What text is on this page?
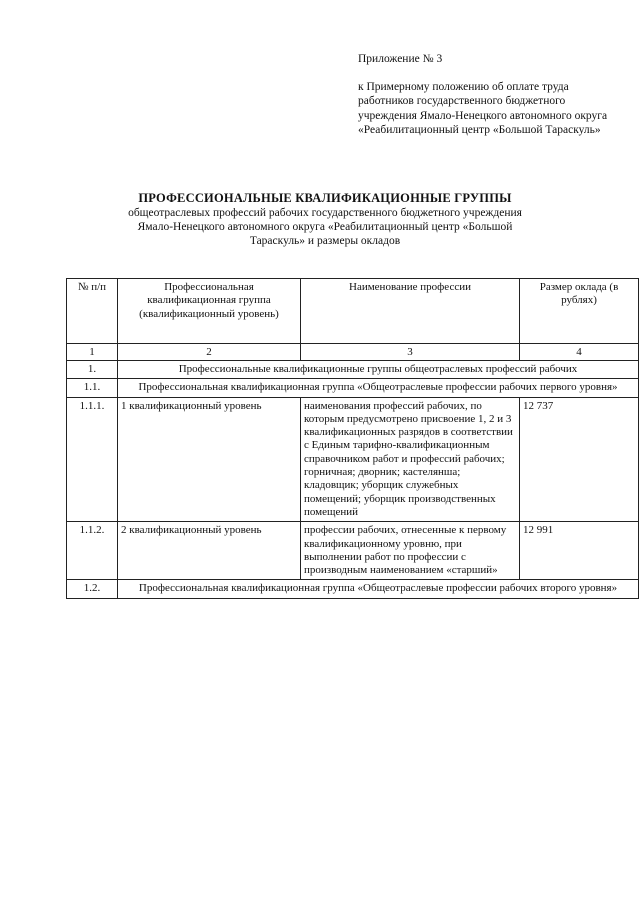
Приложение № 3
к Примерному положению об оплате труда работников государственного бюджетного учреждения Ямало-Ненецкого автономного округа «Реабилитационный центр «Большой Тараскуль»
ПРОФЕССИОНАЛЬНЫЕ КВАЛИФИКАЦИОННЫЕ ГРУППЫ
общеотраслевых профессий рабочих государственного бюджетного учреждения Ямало-Ненецкого автономного округа «Реабилитационный центр «Большой Тараскуль» и размеры окладов
№ п/п	Профессиональная квалификационная группа (квалификационный уровень)	Наименование профессии	Размер оклада (в рублях)
1	2	3	4
1.	Профессиональные квалификационные группы общеотраслевых профессий рабочих		
1.1.	Профессиональная квалификационная группа «Общеотраслевые профессии рабочих первого уровня»		
1.1.1.	1 квалификационный уровень	наименования профессий рабочих, по которым предусмотрено присвоение 1, 2 и 3 квалификационных разрядов в соответствии с Единым тарифно-квалификационным справочником работ и профессий рабочих; горничная; дворник; кастелянша; кладовщик; уборщик служебных помещений; уборщик производственных помещений	12 737
1.1.2.	2 квалификационный уровень	профессии рабочих, отнесенные к первому квалификационному уровню, при выполнении работ по профессии с производным наименованием «старший»	12 991
1.2.	Профессиональная квалификационная группа «Общеотраслевые профессии рабочих второго уровня»		
